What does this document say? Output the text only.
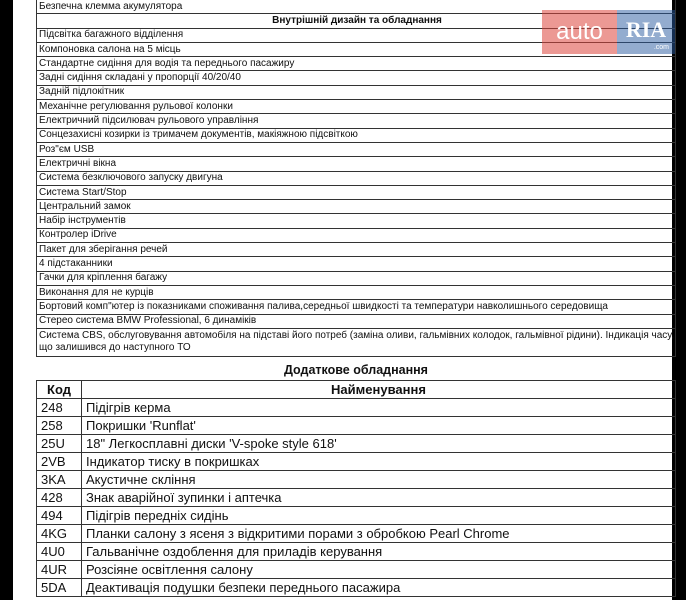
Безпечна клемма акумулятора
Внутрішній дизайн та обладнання
Підсвітка багажного відділення
Компоновка салона на 5 місць
Стандартне сидіння для водія та переднього пасажиру
Задні сидіння складані у пропорції 40/20/40
Задній підлокітник
Механічне регулювання рульової колонки
Електричний підсилювач рульового управління
Сонцезахисні козирки із тримачем документів, макіяжною підсвіткою
Роз"єм USB
Електричні вікна
Система безключового запуску двигуна
Система Start/Stop
Центральний замок
Набір інструментів
Контролер iDrive
Пакет для зберігання речей
4 підстаканники
Гачки для кріплення багажу
Виконання для не курців
Бортовий комп"ютер із показниками споживання палива,середньої швидкості та температури навколишнього середовища
Стерео система BMW Professional, 6 динаміків
Система CBS, обслуговування автомобіля на підставі його потреб (заміна оливи, гальмівних колодок, гальмівної рідини). Індикація часу, що залишився до наступного ТО
Додаткове обладнання
Код	Найменування
248	Підігрів керма
258	Покришки 'Runflat'
25U	18" Легкосплавні диски 'V-spoke style 618'
2VB	Індикатор тиску в покришках
3KA	Акустичне скління
428	Знак аварійної зупинки і аптечка
494	Підігрів передніх сидінь
4KG	Планки салону з ясеня з відкритими порами з обробкою Pearl Chrome
4U0	Гальванічне оздоблення для приладів керування
4UR	Розсіяне освітлення салону
5DA	Деактивація подушки безпеки переднього пасажира
auto	RIA
.com
